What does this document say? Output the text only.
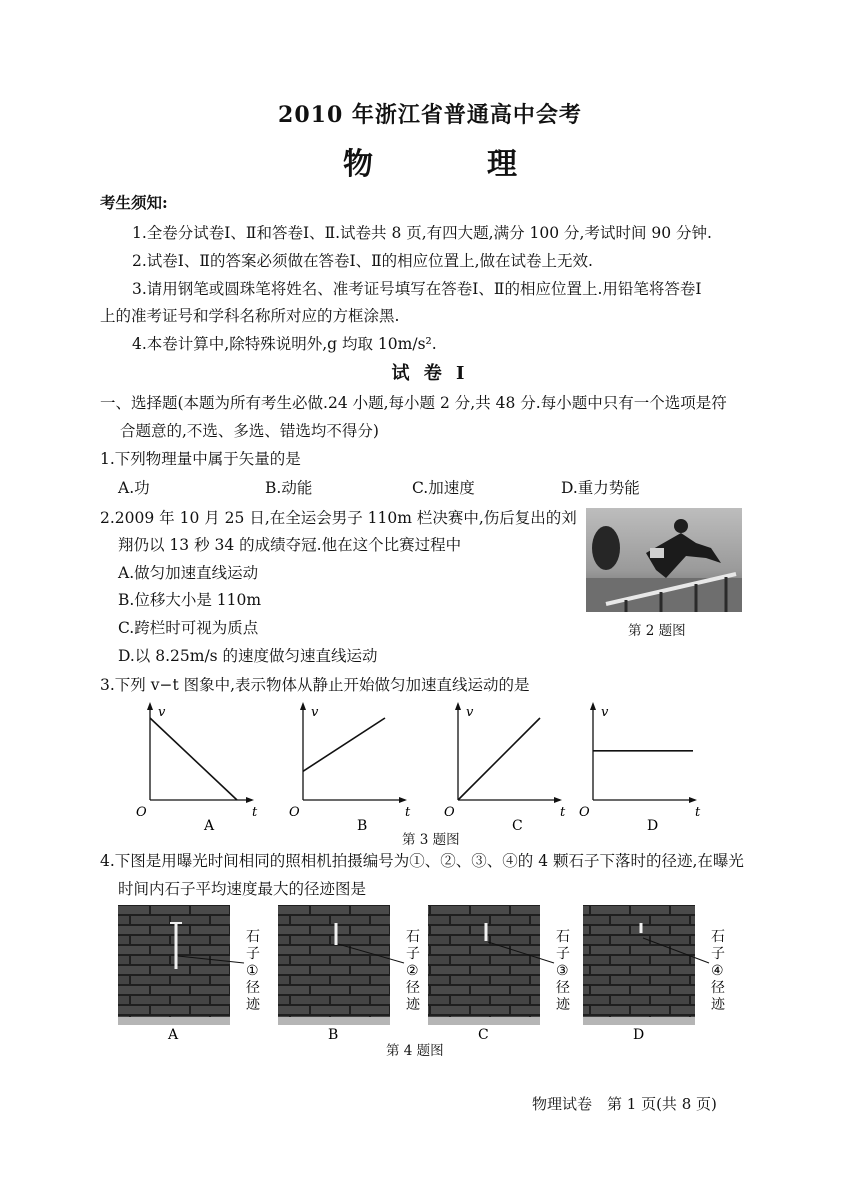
2010 年浙江省普通高中会考
物　理
考生须知:
1.全卷分试卷Ⅰ、Ⅱ和答卷Ⅰ、Ⅱ.试卷共 8 页,有四大题,满分 100 分,考试时间 90 分钟.
2.试卷Ⅰ、Ⅱ的答案必须做在答卷Ⅰ、Ⅱ的相应位置上,做在试卷上无效.
3.请用钢笔或圆珠笔将姓名、准考证号填写在答卷Ⅰ、Ⅱ的相应位置上.用铅笔将答卷Ⅰ
上的准考证号和学科名称所对应的方框涂黑.
4.本卷计算中,除特殊说明外,g 均取 10m/s².
试 卷 Ⅰ
一、选择题(本题为所有考生必做.24 小题,每小题 2 分,共 48 分.每小题中只有一个选项是符
合题意的,不选、多选、错选均不得分)
1.下列物理量中属于矢量的是
A.功	B.动能	C.加速度	D.重力势能
2.2009 年 10 月 25 日,在全运会男子 110m 栏决赛中,伤后复出的刘
翔仍以 13 秒 34 的成绩夺冠.他在这个比赛过程中
A.做匀加速直线运动
B.位移大小是 110m
C.跨栏时可视为质点
D.以 8.25m/s 的速度做匀速直线运动
第 2 题图
3.下列 v−t 图象中,表示物体从静止开始做匀加速直线运动的是
v
t
O
A
v
t
O
B
v
t
O
C
v
t
O
D
第 3 题图
4.下图是用曝光时间相同的照相机拍摄编号为①、②、③、④的 4 颗石子下落时的径迹,在曝光
时间内石子平均速度最大的径迹图是
石
子
①
径
迹
A
石
子
②
径
迹
B
石
子
③
径
迹
C
石
子
④
径
迹
D
第 4 题图
物理试卷　第 1 页(共 8 页)
